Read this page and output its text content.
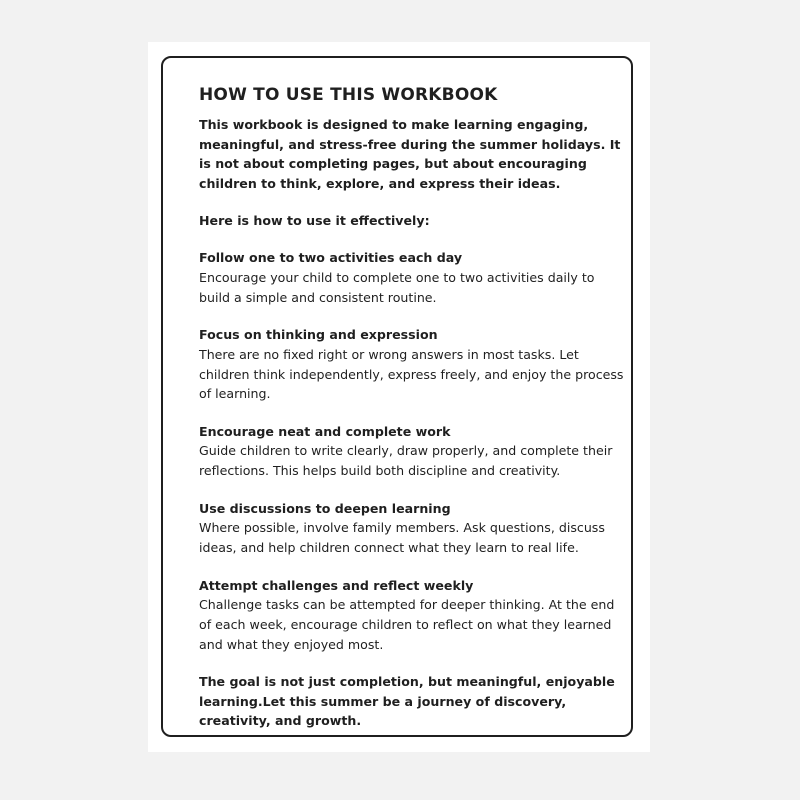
HOW TO USE THIS WORKBOOK

This workbook is designed to make learning engaging, meaningful, and stress-free during the summer holidays. It is not about completing pages, but about encouraging children to think, explore, and express their ideas.

Here is how to use it effectively:

Follow one to two activities each day

Encourage your child to complete one to two activities daily to build a simple and consistent routine.

Focus on thinking and expression

There are no fixed right or wrong answers in most tasks. Let children think independently, express freely, and enjoy the process of learning.

Encourage neat and complete work

Guide children to write clearly, draw properly, and complete their reflections. This helps build both discipline and creativity.

Use discussions to deepen learning

Where possible, involve family members. Ask questions, discuss ideas, and help children connect what they learn to real life.

Attempt challenges and reflect weekly

Challenge tasks can be attempted for deeper thinking. At the end of each week, encourage children to reflect on what they learned and what they enjoyed most.

The goal is not just completion, but meaningful, enjoyable learning.Let this summer be a journey of discovery, creativity, and growth.
